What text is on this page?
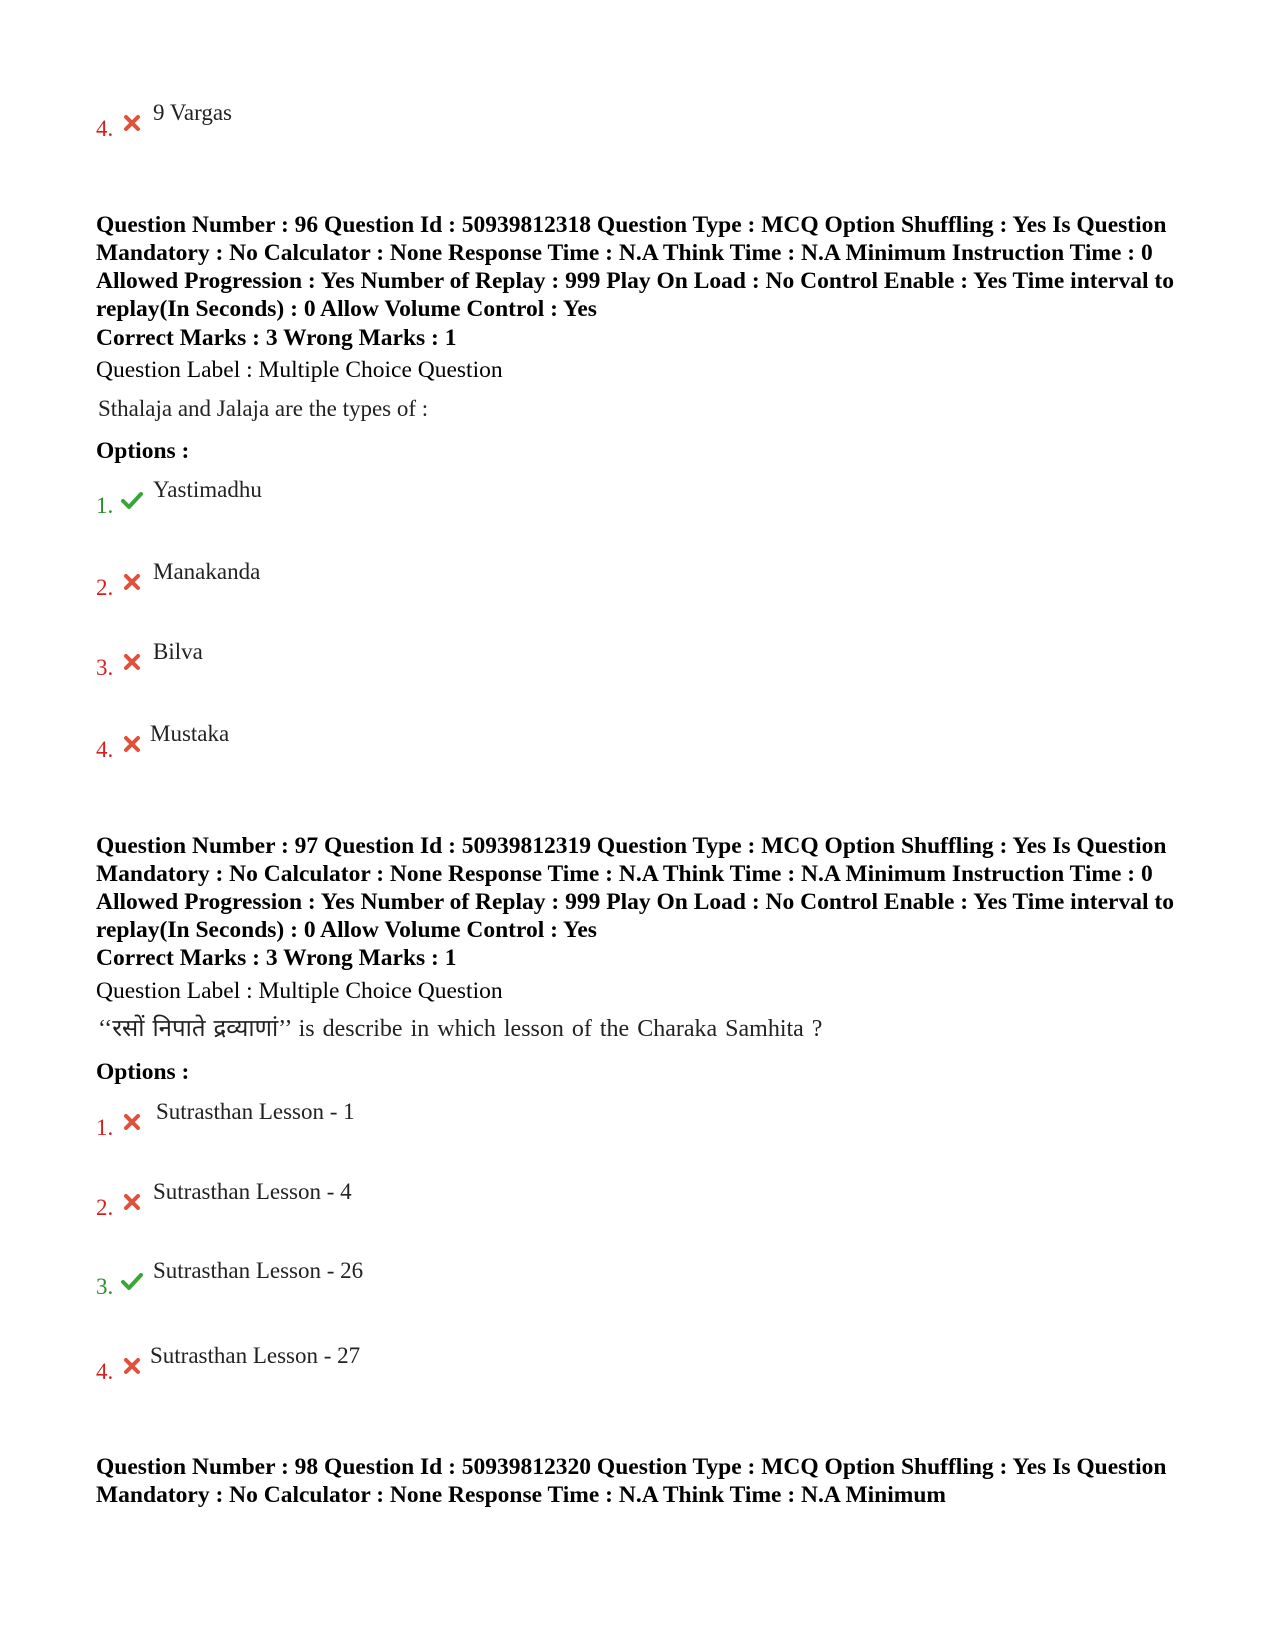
4.
9 Vargas
Question Number : 96 Question Id : 50939812318 Question Type : MCQ Option Shuffling : Yes Is Question Mandatory : No Calculator : None Response Time : N.A Think Time : N.A Minimum Instruction Time : 0 Allowed Progression : Yes Number of Replay : 999 Play On Load : No Control Enable : Yes Time interval to replay(In Seconds) : 0 Allow Volume Control : Yes
Correct Marks : 3 Wrong Marks : 1
Question Label : Multiple Choice Question
Sthalaja and Jalaja are the types of :
Options :
1.
Yastimadhu
2.
Manakanda
3.
Bilva
4.
Mustaka
Question Number : 97 Question Id : 50939812319 Question Type : MCQ Option Shuffling : Yes Is Question Mandatory : No Calculator : None Response Time : N.A Think Time : N.A Minimum Instruction Time : 0 Allowed Progression : Yes Number of Replay : 999 Play On Load : No Control Enable : Yes Time interval to replay(In Seconds) : 0 Allow Volume Control : Yes
Correct Marks : 3 Wrong Marks : 1
Question Label : Multiple Choice Question
‘‘रसों निपाते द्रव्याणां’’ is describe in which lesson of the Charaka Samhita ?
Options :
1.
Sutrasthan Lesson - 1
2.
Sutrasthan Lesson - 4
3.
Sutrasthan Lesson - 26
4.
Sutrasthan Lesson - 27
Question Number : 98 Question Id : 50939812320 Question Type : MCQ Option Shuffling : Yes Is Question Mandatory : No Calculator : None Response Time : N.A Think Time : N.A Minimum
